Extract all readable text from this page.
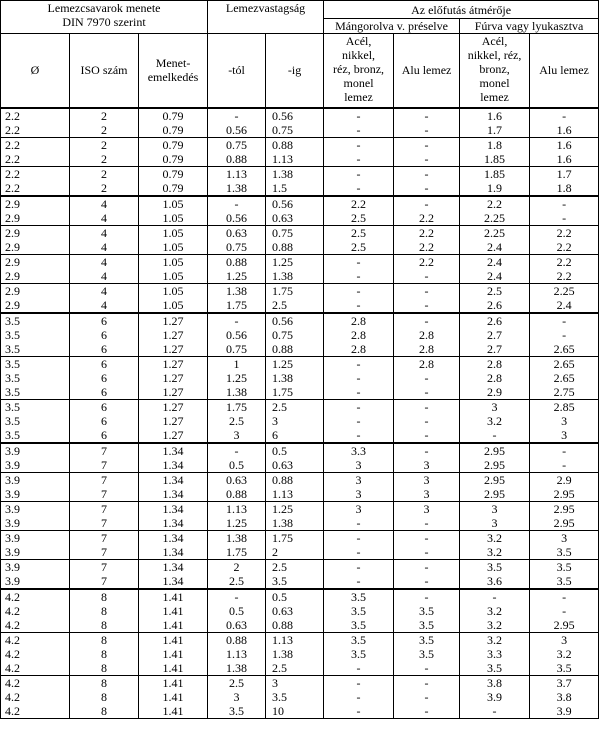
Lemezcsavarok menete
DIN 7970 szerint			Lemezvastagság		Az előfutás átmérője			
					Mángorolva v. préselve		Fúrva vagy lyukasztva	
Ø	ISO szám	Menet-
emelkedés	-tól	-ig	Acél,
nikkel,
réz, bronz,
monel
lemez	Alu lemez	Acél,
nikkel, réz,
bronz,
monel
lemez	Alu lemez
2.2	2	0.79	-	0.56	-	-	1.6	-
2.2	2	0.79	0.56	0.75	-	-	1.7	1.6
2.2	2	0.79	0.75	0.88	-	-	1.8	1.6
2.2	2	0.79	0.88	1.13	-	-	1.85	1.6
2.2	2	0.79	1.13	1.38	-	-	1.85	1.7
2.2	2	0.79	1.38	1.5	-	-	1.9	1.8
2.9	4	1.05	-	0.56	2.2	-	2.2	-
2.9	4	1.05	0.56	0.63	2.5	2.2	2.25	-
2.9	4	1.05	0.63	0.75	2.5	2.2	2.25	2.2
2.9	4	1.05	0.75	0.88	2.5	2.2	2.4	2.2
2.9	4	1.05	0.88	1.25	-	2.2	2.4	2.2
2.9	4	1.05	1.25	1.38	-	-	2.4	2.2
2.9	4	1.05	1.38	1.75	-	-	2.5	2.25
2.9	4	1.05	1.75	2.5	-	-	2.6	2.4
3.5	6	1.27	-	0.56	2.8	-	2.6	-
3.5	6	1.27	0.56	0.75	2.8	2.8	2.7	-
3.5	6	1.27	0.75	0.88	2.8	2.8	2.7	2.65
3.5	6	1.27	1	1.25	-	2.8	2.8	2.65
3.5	6	1.27	1.25	1.38	-	-	2.8	2.65
3.5	6	1.27	1.38	1.75	-	-	2.9	2.75
3.5	6	1.27	1.75	2.5	-	-	3	2.85
3.5	6	1.27	2.5	3	-	-	3.2	3
3.5	6	1.27	3	6	-	-	-	3
3.9	7	1.34	-	0.5	3.3	-	2.95	-
3.9	7	1.34	0.5	0.63	3	3	2.95	-
3.9	7	1.34	0.63	0.88	3	3	2.95	2.9
3.9	7	1.34	0.88	1.13	3	3	2.95	2.95
3.9	7	1.34	1.13	1.25	3	3	3	2.95
3.9	7	1.34	1.25	1.38	-	-	3	2.95
3.9	7	1.34	1.38	1.75	-	-	3.2	3
3.9	7	1.34	1.75	2	-	-	3.2	3.5
3.9	7	1.34	2	2.5	-	-	3.5	3.5
3.9	7	1.34	2.5	3.5	-	-	3.6	3.5
4.2	8	1.41	-	0.5	3.5	-	-	-
4.2	8	1.41	0.5	0.63	3.5	3.5	3.2	-
4.2	8	1.41	0.63	0.88	3.5	3.5	3.2	2.95
4.2	8	1.41	0.88	1.13	3.5	3.5	3.2	3
4.2	8	1.41	1.13	1.38	3.5	3.5	3.3	3.2
4.2	8	1.41	1.38	2.5	-	-	3.5	3.5
4.2	8	1.41	2.5	3	-	-	3.8	3.7
4.2	8	1.41	3	3.5	-	-	3.9	3.8
4.2	8	1.41	3.5	10	-	-	-	3.9
